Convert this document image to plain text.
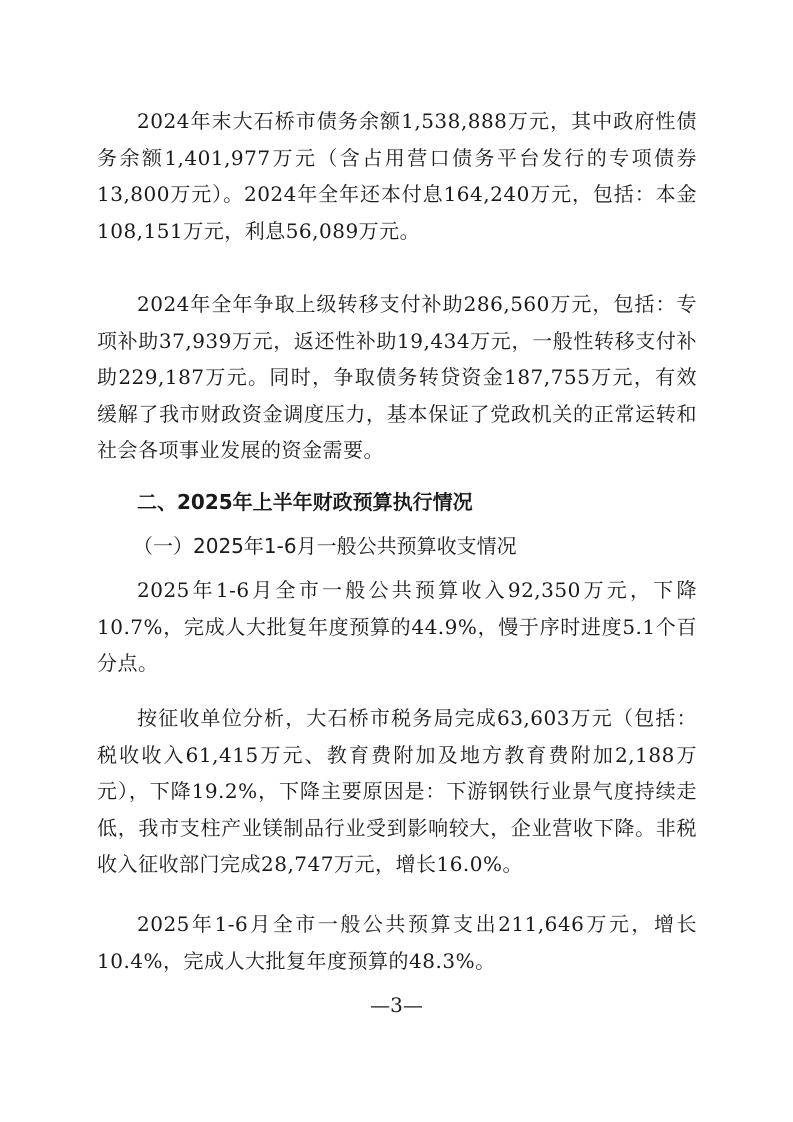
2024年末大石桥市债务余额1,538,888万元，其中政府性债务余额1,401,977万元（含占用营口债务平台发行的专项债券13,800万元）。2024年全年还本付息164,240万元，包括：本金108,151万元，利息56,089万元。

2024年全年争取上级转移支付补助286,560万元，包括：专项补助37,939万元，返还性补助19,434万元，一般性转移支付补助229,187万元。同时，争取债务转贷资金187,755万元，有效缓解了我市财政资金调度压力，基本保证了党政机关的正常运转和社会各项事业发展的资金需要。

二、2025年上半年财政预算执行情况

（一）2025年1-6月一般公共预算收支情况

2025年1-6月全市一般公共预算收入92,350万元，下降10.7%，完成人大批复年度预算的44.9%，慢于序时进度5.1个百分点。

按征收单位分析，大石桥市税务局完成63,603万元（包括：税收收入61,415万元、教育费附加及地方教育费附加2,188万元），下降19.2%，下降主要原因是：下游钢铁行业景气度持续走低，我市支柱产业镁制品行业受到影响较大，企业营收下降。非税收入征收部门完成28,747万元，增长16.0%。

2025年1-6月全市一般公共预算支出211,646万元，增长10.4%，完成人大批复年度预算的48.3%。

—3—
